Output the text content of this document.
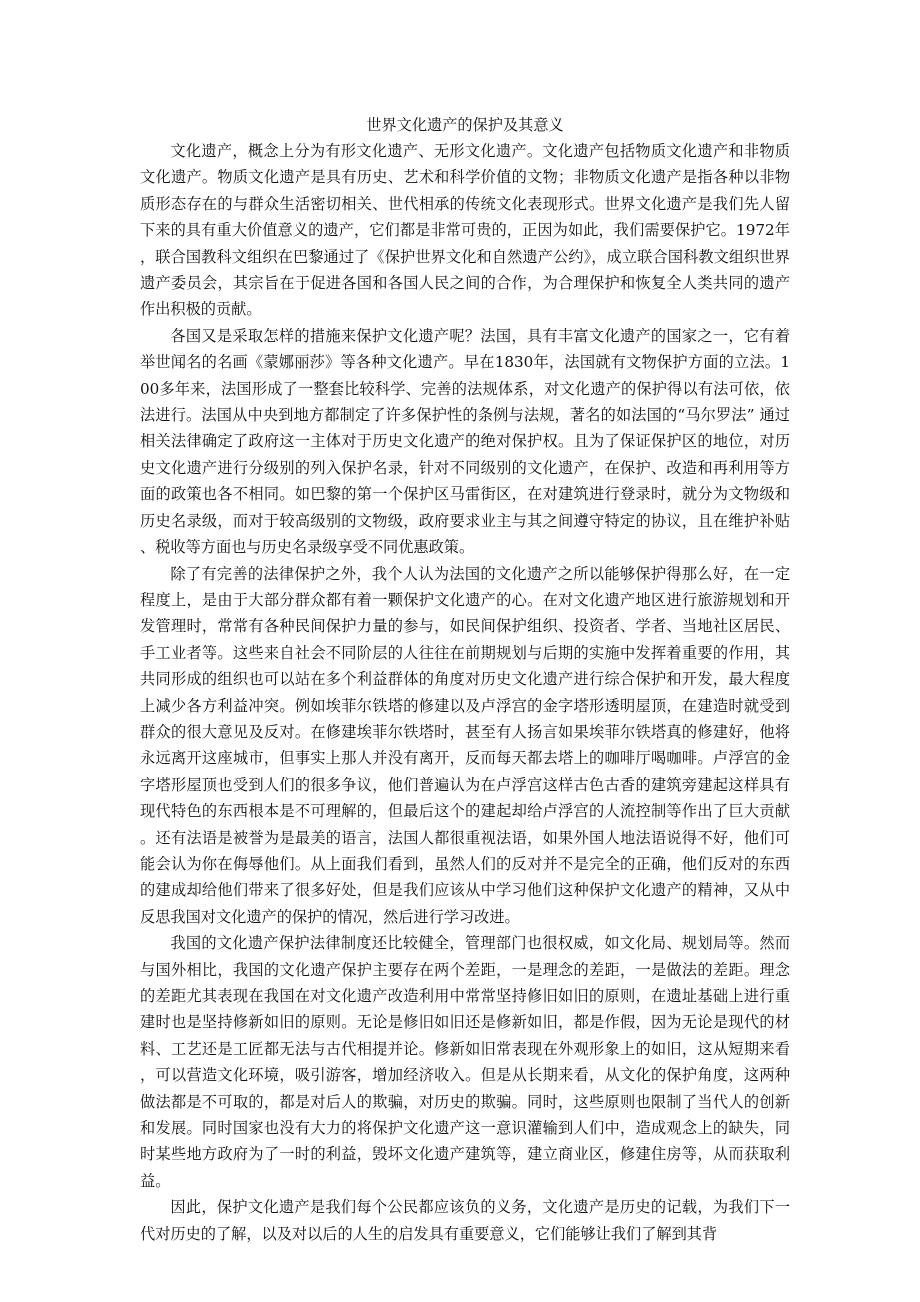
世界文化遗产的保护及其意义

文化遗产，概念上分为有形文化遗产、无形文化遗产。文化遗产包括物质文化遗产和非物质文化遗产。物质文化遗产是具有历史、艺术和科学价值的文物；非物质文化遗产是指各种以非物质形态存在的与群众生活密切相关、世代相承的传统文化表现形式。世界文化遗产是我们先人留下来的具有重大价值意义的遗产，它们都是非常可贵的，正因为如此，我们需要保护它。1972年，联合国教科文组织在巴黎通过了《保护世界文化和自然遗产公约》，成立联合国科教文组织世界遗产委员会，其宗旨在于促进各国和各国人民之间的合作，为合理保护和恢复全人类共同的遗产作出积极的贡献。

各国又是采取怎样的措施来保护文化遗产呢？法国，具有丰富文化遗产的国家之一，它有着举世闻名的名画《蒙娜丽莎》等各种文化遗产。早在1830年，法国就有文物保护方面的立法。100多年来，法国形成了一整套比较科学、完善的法规体系，对文化遗产的保护得以有法可依，依法进行。法国从中央到地方都制定了许多保护性的条例与法规，著名的如法国的“马尔罗法” 通过相关法律确定了政府这一主体对于历史文化遗产的绝对保护权。且为了保证保护区的地位，对历史文化遗产进行分级别的列入保护名录，针对不同级别的文化遗产，在保护、改造和再利用等方面的政策也各不相同。如巴黎的第一个保护区马雷街区，在对建筑进行登录时，就分为文物级和历史名录级，而对于较高级别的文物级，政府要求业主与其之间遵守特定的协议，且在维护补贴、税收等方面也与历史名录级享受不同优惠政策。

除了有完善的法律保护之外，我个人认为法国的文化遗产之所以能够保护得那么好，在一定程度上，是由于大部分群众都有着一颗保护文化遗产的心。在对文化遗产地区进行旅游规划和开发管理时，常常有各种民间保护力量的参与，如民间保护组织、投资者、学者、当地社区居民、手工业者等。这些来自社会不同阶层的人往往在前期规划与后期的实施中发挥着重要的作用，其共同形成的组织也可以站在多个利益群体的角度对历史文化遗产进行综合保护和开发，最大程度上减少各方利益冲突。例如埃菲尔铁塔的修建以及卢浮宫的金字塔形透明屋顶，在建造时就受到群众的很大意见及反对。在修建埃菲尔铁塔时，甚至有人扬言如果埃菲尔铁塔真的修建好，他将永远离开这座城市，但事实上那人并没有离开，反而每天都去塔上的咖啡厅喝咖啡。卢浮宫的金字塔形屋顶也受到人们的很多争议，他们普遍认为在卢浮宫这样古色古香的建筑旁建起这样具有现代特色的东西根本是不可理解的，但最后这个的建起却给卢浮宫的人流控制等作出了巨大贡献。还有法语是被誉为是最美的语言，法国人都很重视法语，如果外国人地法语说得不好，他们可能会认为你在侮辱他们。从上面我们看到，虽然人们的反对并不是完全的正确，他们反对的东西的建成却给他们带来了很多好处，但是我们应该从中学习他们这种保护文化遗产的精神，又从中反思我国对文化遗产的保护的情况，然后进行学习改进。

我国的文化遗产保护法律制度还比较健全，管理部门也很权威，如文化局、规划局等。然而与国外相比，我国的文化遗产保护主要存在两个差距，一是理念的差距，一是做法的差距。理念的差距尤其表现在我国在对文化遗产改造利用中常常坚持修旧如旧的原则，在遗址基础上进行重建时也是坚持修新如旧的原则。无论是修旧如旧还是修新如旧，都是作假，因为无论是现代的材料、工艺还是工匠都无法与古代相提并论。修新如旧常表现在外观形象上的如旧，这从短期来看，可以营造文化环境，吸引游客，增加经济收入。但是从长期来看，从文化的保护角度，这两种做法都是不可取的，都是对后人的欺骗，对历史的欺骗。同时，这些原则也限制了当代人的创新和发展。同时国家也没有大力的将保护文化遗产这一意识灌输到人们中，造成观念上的缺失，同时某些地方政府为了一时的利益，毁坏文化遗产建筑等，建立商业区，修建住房等，从而获取利益。

因此，保护文化遗产是我们每个公民都应该负的义务，文化遗产是历史的记载，为我们下一代对历史的了解，以及对以后的人生的启发具有重要意义，它们能够让我们了解到其背
